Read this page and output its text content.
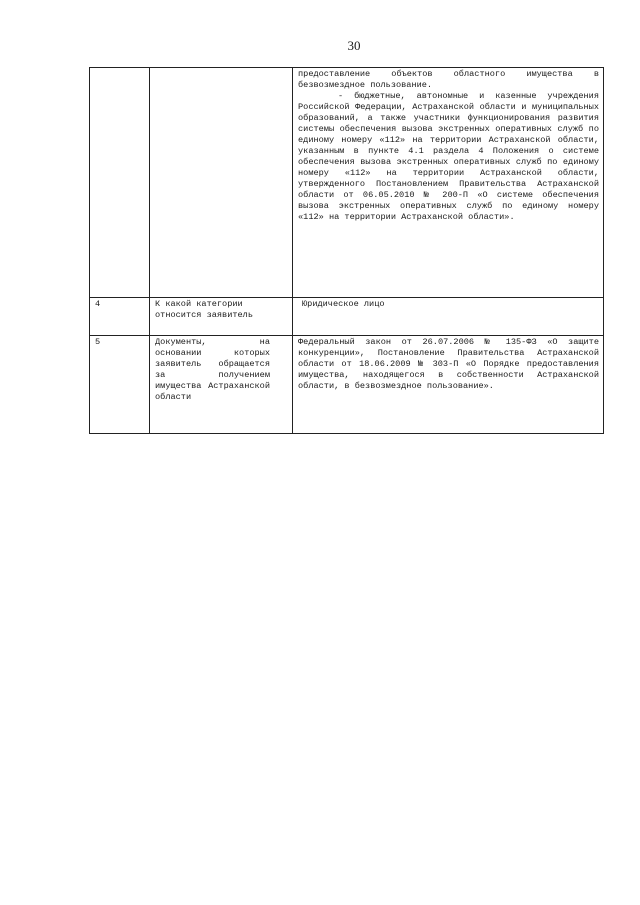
30

		предоставление объектов областного имущества в безвозмездное пользование.
- бюджетные, автономные и казенные учреждения Российской Федерации, Астраханской области и муниципальных образований, а также участники функционирования развития системы обеспечения вызова экстренных оперативных служб по единому номеру «112» на территории Астраханской области, указанным в пункте 4.1 раздела 4 Положения о системе обеспечения вызова экстренных оперативных служб по единому номеру «112» на территории Астраханской области, утвержденного Постановлением Правительства Астраханской области от 06.05.2010 № 200-П «О системе обеспечения вызова экстренных оперативных служб по единому номеру «112» на территории Астраханской области».

4	К какой категории относится заявитель	Юридическое лицо

5	Документы, на основании которых заявитель обращается за получением имущества Астраханской области	Федеральный закон от 26.07.2006 № 135-ФЗ «О защите конкуренции», Постановление Правительства Астраханской области от 18.06.2009 № 303-П «О Порядке предоставления имущества, находящегося в собственности Астраханской области, в безвозмездное пользование».
